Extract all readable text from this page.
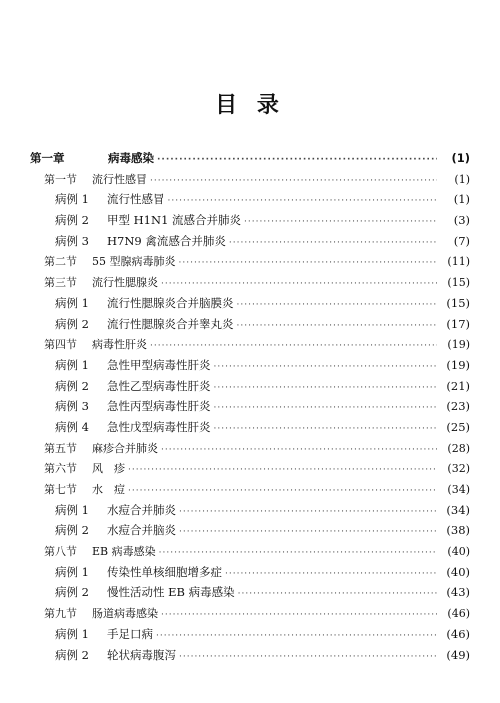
目 录
第一章	病毒感染 ·····	(1)
第一节	流行性感冒 ·····	(1)
病例 1	流行性感冒 ·····	(1)
病例 2	甲型 H1N1 流感合并肺炎 ·····	(3)
病例 3	H7N9 禽流感合并肺炎 ·····	(7)
第二节	55 型腺病毒肺炎 ·····	(11)
第三节	流行性腮腺炎 ·····	(15)
病例 1	流行性腮腺炎合并脑膜炎 ·····	(15)
病例 2	流行性腮腺炎合并睾丸炎 ·····	(17)
第四节	病毒性肝炎 ·····	(19)
病例 1	急性甲型病毒性肝炎 ·····	(19)
病例 2	急性乙型病毒性肝炎 ·····	(21)
病例 3	急性丙型病毒性肝炎 ·····	(23)
病例 4	急性戊型病毒性肝炎 ·····	(25)
第五节	麻疹合并肺炎 ·····	(28)
第六节	风　疹 ·····	(32)
第七节	水　痘 ·····	(34)
病例 1	水痘合并肺炎 ·····	(34)
病例 2	水痘合并脑炎 ·····	(38)
第八节	EB 病毒感染 ·····	(40)
病例 1	传染性单核细胞增多症 ·····	(40)
病例 2	慢性活动性 EB 病毒感染 ·····	(43)
第九节	肠道病毒感染 ·····	(46)
病例 1	手足口病 ·····	(46)
病例 2	轮状病毒腹泻 ·····	(49)
